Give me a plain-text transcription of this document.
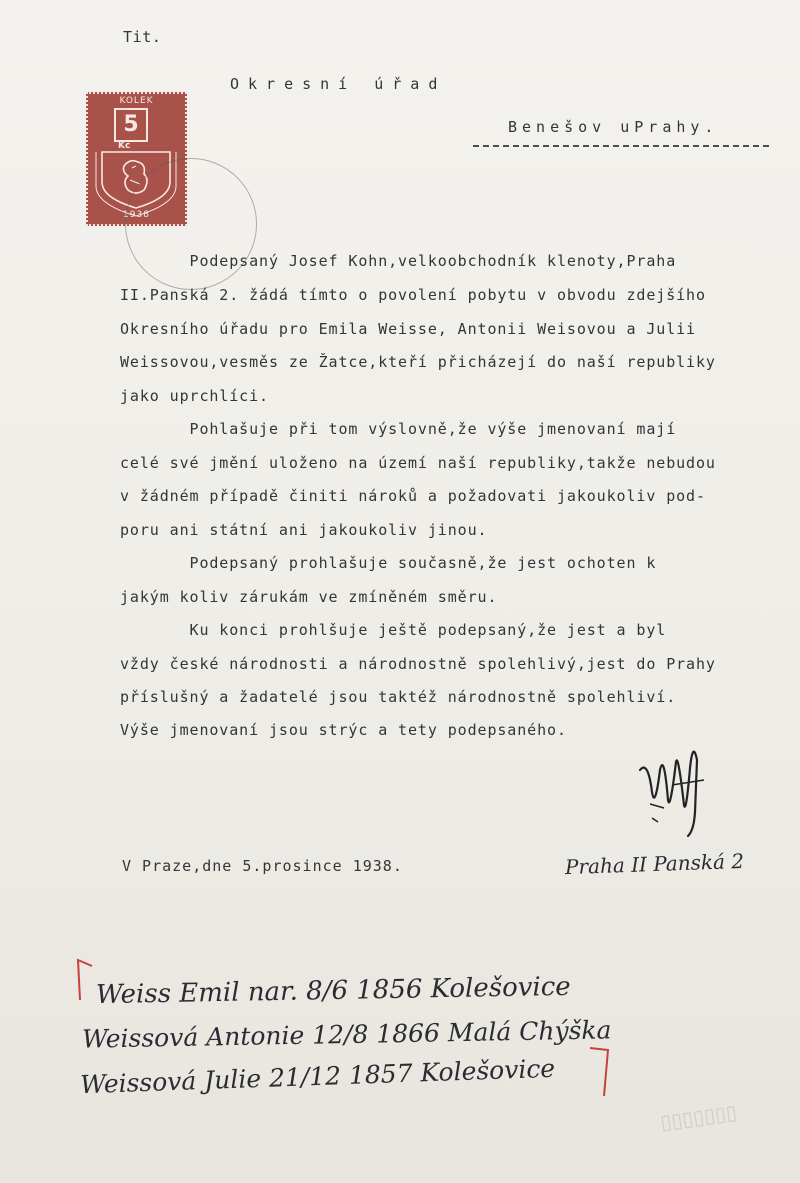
▯▯▯▯▯▯▯
Tit.
Okresní úřad
Benešov uPrahy.
KOLEK
5
Kč
1938
Podepsaný Josef Kohn,velkoobchodník klenoty,Praha
II.Panská 2. žádá tímto o povolení pobytu v obvodu zdejšího
Okresního úřadu pro Emila Weisse, Antonii Weisovou a Julii
Weissovou,vesměs ze Žatce,kteří přicházejí do naší republiky
jako uprchlíci.
Pohlašuje při tom výslovně,že výše jmenovaní mají
celé své jmění uloženo na území naší republiky,takže nebudou
v žádném případě činiti nároků a požadovati jakoukoliv pod-
poru ani státní ani jakoukoliv jinou.
Podepsaný prohlašuje současně,že jest ochoten k
jakým koliv zárukám ve zmíněném směru.
Ku konci prohlšuje ještě podepsaný,že jest a byl
vždy české národnosti a národnostně spolehlivý,jest do Prahy
příslušný a žadatelé jsou taktéž národnostně spolehliví.
Výše jmenovaní jsou strýc a tety podepsaného.
V Praze,dne 5.prosince 1938.	Praha II Panská 2
Weiss Emil nar. 8/6 1856 Kolešovice
Weissová Antonie 12/8 1866 Malá Chýška
Weissová Julie 21/12 1857 Kolešovice
